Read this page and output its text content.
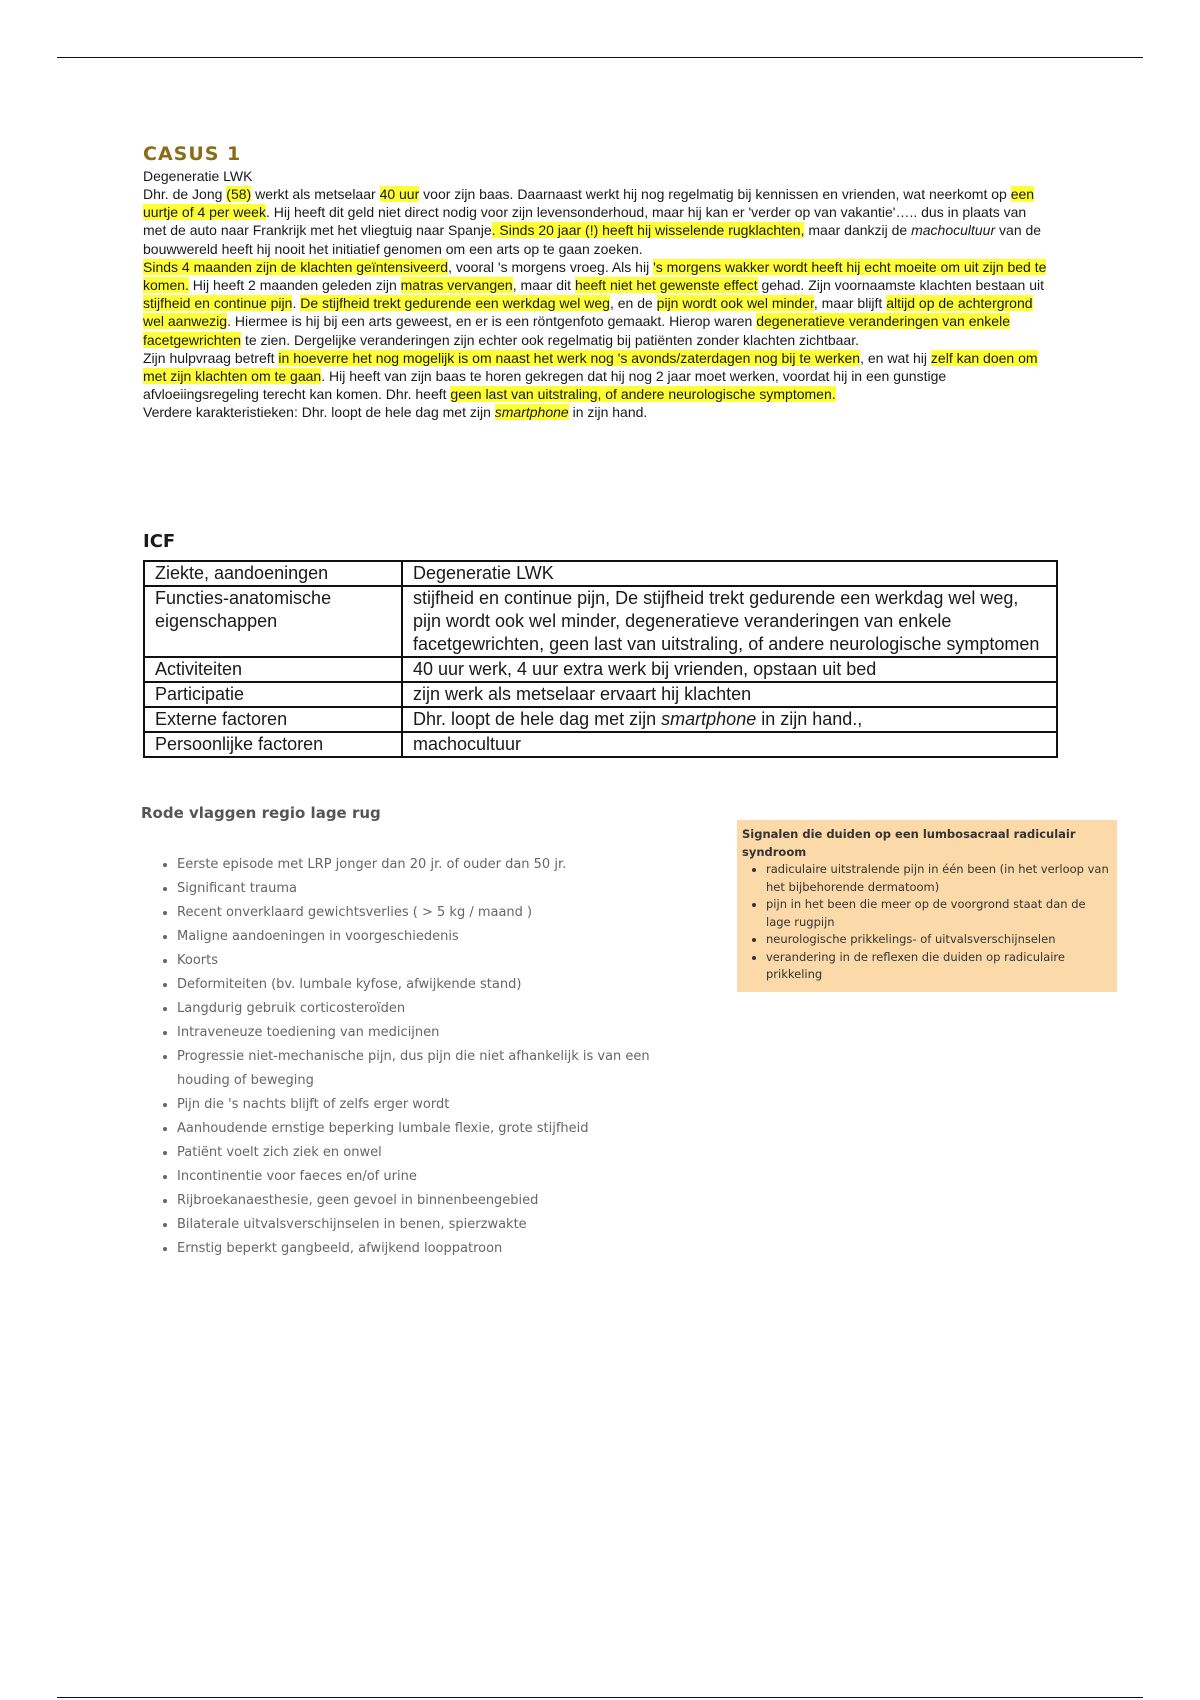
CASUS 1

Degeneratie LWK

Dhr. de Jong (58) werkt als metselaar 40 uur voor zijn baas. Daarnaast werkt hij nog regelmatig bij kennissen en vrienden, wat neerkomt op een uurtje of 4 per week. Hij heeft dit geld niet direct nodig voor zijn levensonderhoud, maar hij kan er 'verder op van vakantie'….. dus in plaats van met de auto naar Frankrijk met het vliegtuig naar Spanje. Sinds 20 jaar (!) heeft hij wisselende rugklachten, maar dankzij de machocultuur van de bouwwereld heeft hij nooit het initiatief genomen om een arts op te gaan zoeken.
Sinds 4 maanden zijn de klachten geïntensiveerd, vooral 's morgens vroeg. Als hij 's morgens wakker wordt heeft hij echt moeite om uit zijn bed te komen. Hij heeft 2 maanden geleden zijn matras vervangen, maar dit heeft niet het gewenste effect gehad. Zijn voornaamste klachten bestaan uit stijfheid en continue pijn. De stijfheid trekt gedurende een werkdag wel weg, en de pijn wordt ook wel minder, maar blijft altijd op de achtergrond wel aanwezig. Hiermee is hij bij een arts geweest, en er is een röntgenfoto gemaakt. Hierop waren degeneratieve veranderingen van enkele facetgewrichten te zien. Dergelijke veranderingen zijn echter ook regelmatig bij patiënten zonder klachten zichtbaar.
Zijn hulpvraag betreft in hoeverre het nog mogelijk is om naast het werk nog 's avonds/zaterdagen nog bij te werken, en wat hij zelf kan doen om met zijn klachten om te gaan. Hij heeft van zijn baas te horen gekregen dat hij nog 2 jaar moet werken, voordat hij in een gunstige afvloeiingsregeling terecht kan komen. Dhr. heeft geen last van uitstraling, of andere neurologische symptomen.
Verdere karakteristieken: Dhr. loopt de hele dag met zijn smartphone in zijn hand.

ICF
Ziekte, aandoeningen	Degeneratie LWK
Functies-anatomische eigenschappen	stijfheid en continue pijn, De stijfheid trekt gedurende een werkdag wel weg, pijn wordt ook wel minder, degeneratieve veranderingen van enkele facetgewrichten, geen last van uitstraling, of andere neurologische symptomen
Activiteiten	40 uur werk, 4 uur extra werk bij vrienden, opstaan uit bed
Participatie	zijn werk als metselaar ervaart hij klachten
Externe factoren	Dhr. loopt de hele dag met zijn smartphone in zijn hand.,
Persoonlijke factoren	machocultuur
Rode vlaggen regio lage rug
• Eerste episode met LRP jonger dan 20 jr. of ouder dan 50 jr.
• Significant trauma
• Recent onverklaard gewichtsverlies ( > 5 kg / maand )
• Maligne aandoeningen in voorgeschiedenis
• Koorts
• Deformiteiten (bv. lumbale kyfose, afwijkende stand)
• Langdurig gebruik corticosteroïden
• Intraveneuze toediening van medicijnen
• Progressie niet-mechanische pijn, dus pijn die niet afhankelijk is van een houding of beweging
• Pijn die 's nachts blijft of zelfs erger wordt
• Aanhoudende ernstige beperking lumbale flexie, grote stijfheid
• Patiënt voelt zich ziek en onwel
• Incontinentie voor faeces en/of urine
• Rijbroekanaesthesie, geen gevoel in binnenbeengebied
• Bilaterale uitvalsverschijnselen in benen, spierzwakte
• Ernstig beperkt gangbeeld, afwijkend looppatroon

Signalen die duiden op een lumbosacraal radiculair syndroom

• radiculaire uitstralende pijn in één been (in het verloop van het bijbehorende dermatoom)
• pijn in het been die meer op de voorgrond staat dan de lage rugpijn
• neurologische prikkelings- of uitvalsverschijnselen
• verandering in de reflexen die duiden op radiculaire prikkeling
